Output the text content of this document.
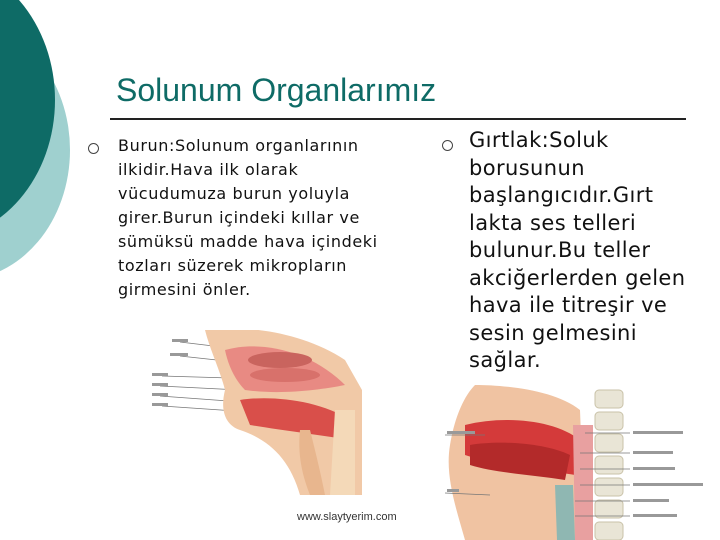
Solunum Organlarımız
Burun:Solunum organlarının ilkidir.Hava ilk olarak vücudumuza burun yoluyla girer.Burun içindeki kıllar ve sümüksü madde hava içindeki tozları süzerek mikropların girmesini önler.
Gırtlak:Soluk borusunun başlangıcıdır.Gırt lakta ses telleri bulunur.Bu teller akciğerlerden gelen hava ile titreşir ve sesin gelmesini sağlar.
www.slaytyerim.com
